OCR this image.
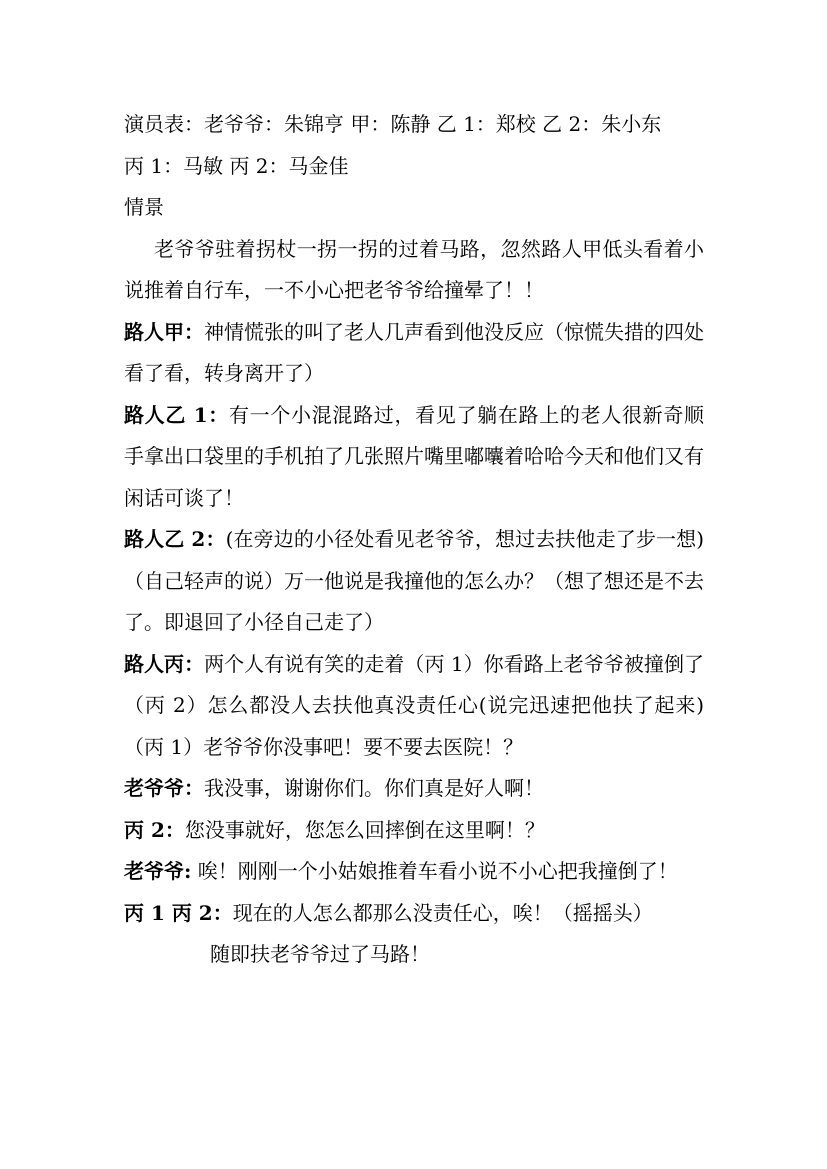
演员表：老爷爷：朱锦亨 甲：陈静 乙 1：郑校 乙 2：朱小东
丙 1：马敏 丙 2：马金佳

情景

老爷爷驻着拐杖一拐一拐的过着马路，忽然路人甲低头看着小说推着自行车，一不小心把老爷爷给撞晕了！！

路人甲：神情慌张的叫了老人几声看到他没反应（惊慌失措的四处看了看，转身离开了）

路人乙 1：有一个小混混路过，看见了躺在路上的老人很新奇顺手拿出口袋里的手机拍了几张照片嘴里嘟囔着哈哈今天和他们又有闲话可谈了！

路人乙 2：(在旁边的小径处看见老爷爷，想过去扶他走了步一想)（自己轻声的说）万一他说是我撞他的怎么办？（想了想还是不去了。即退回了小径自己走了）

路人丙：两个人有说有笑的走着（丙 1）你看路上老爷爷被撞倒了（丙 2）怎么都没人去扶他真没责任心(说完迅速把他扶了起来) （丙 1）老爷爷你没事吧！要不要去医院！？

老爷爷：我没事，谢谢你们。你们真是好人啊！

丙 2：您没事就好，您怎么回摔倒在这里啊！？

老爷爷: 唉！刚刚一个小姑娘推着车看小说不小心把我撞倒了！

丙 1 丙 2：现在的人怎么都那么没责任心，唉！（摇摇头）

随即扶老爷爷过了马路！
